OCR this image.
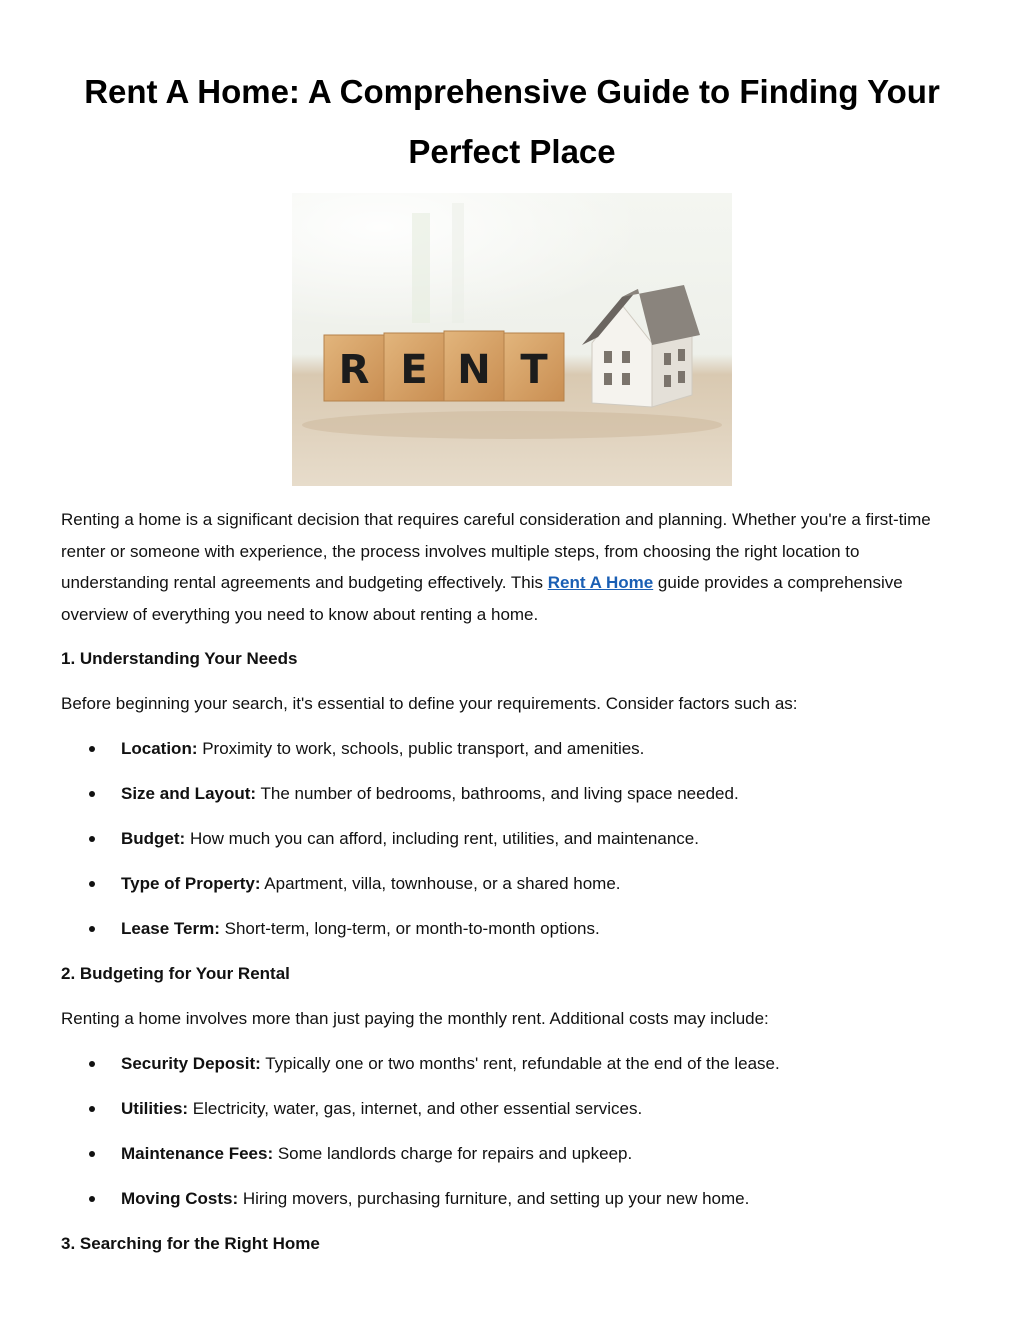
Rent A Home: A Comprehensive Guide to Finding Your
Perfect Place
R E N T

Renting a home is a significant decision that requires careful consideration and planning. Whether you're a first-time renter or someone with experience, the process involves multiple steps, from choosing the right location to understanding rental agreements and budgeting effectively. This Rent A Home guide provides a comprehensive overview of everything you need to know about renting a home.

1. Understanding Your Needs

Before beginning your search, it's essential to define your requirements. Consider factors such as:

Location: Proximity to work, schools, public transport, and amenities.
Size and Layout: The number of bedrooms, bathrooms, and living space needed.
Budget: How much you can afford, including rent, utilities, and maintenance.
Type of Property: Apartment, villa, townhouse, or a shared home.
Lease Term: Short-term, long-term, or month-to-month options.

2. Budgeting for Your Rental

Renting a home involves more than just paying the monthly rent. Additional costs may include:

Security Deposit: Typically one or two months' rent, refundable at the end of the lease.
Utilities: Electricity, water, gas, internet, and other essential services.
Maintenance Fees: Some landlords charge for repairs and upkeep.
Moving Costs: Hiring movers, purchasing furniture, and setting up your new home.

3. Searching for the Right Home
